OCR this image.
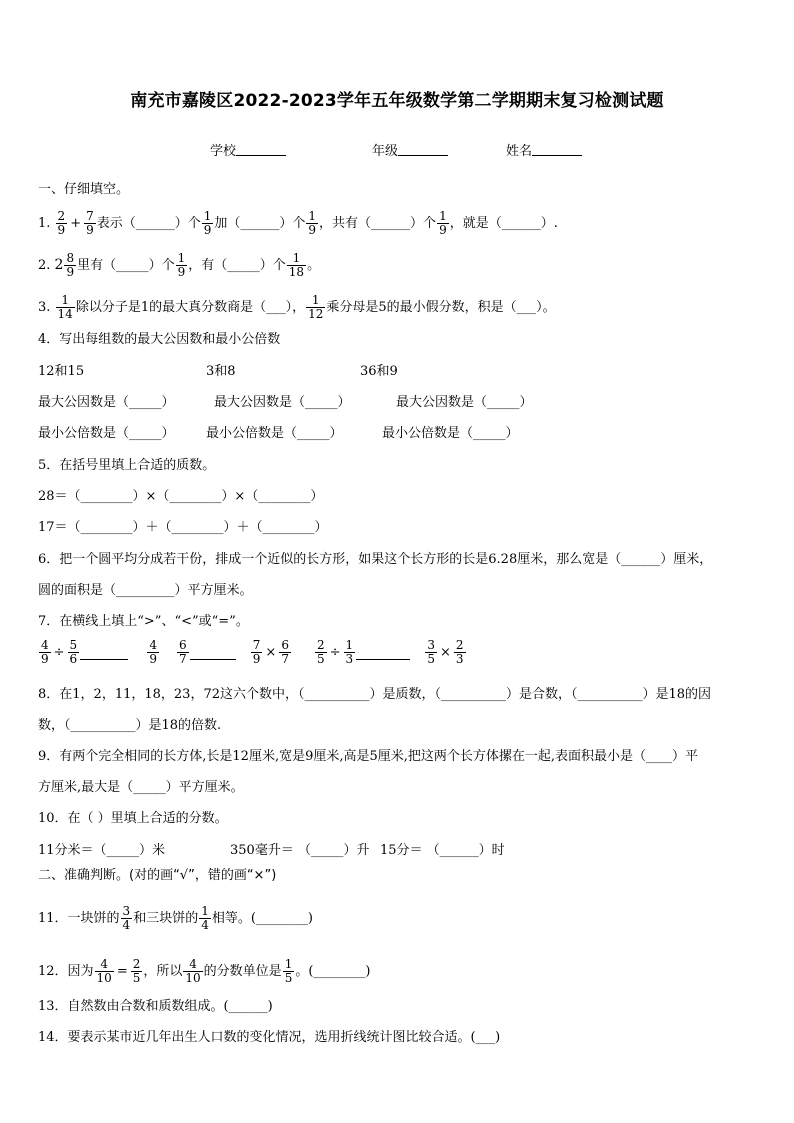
南充市嘉陵区2022-2023学年五年级数学第二学期期末复习检测试题
学校	年级	姓名
一、仔细填空。
1. $\frac{2}{9} + \frac{7}{9}$ 表示（______）个 $\frac{1}{9}$ 加（______）个 $\frac{1}{9}$ ，共有（______）个 $\frac{1}{9}$ ，就是（______）.
2. $2 \frac{8}{9}$ 里有（_____）个 $\frac{1}{9}$ ，有（_____）个 $\frac{1}{18}$ 。
3. $\frac{1}{14}$ 除以分子是1的最大真分数商是（___）， $\frac{1}{12}$ 乘分母是5的最小假分数，积是（___）。
4．写出每组数的最大公因数和最小公倍数
12和15	3和8	36和9
最大公因数是（_____）	最大公因数是（_____）	最大公因数是（_____）
最小公倍数是（_____） 最小公倍数是（_____）	最小公倍数是（_____）
5．在括号里填上合适的质数。
28＝（________）×（________）×（________）
17＝（________）＋（________）＋（________）
6．把一个圆平均分成若干份，排成一个近似的长方形，如果这个长方形的长是6.28厘米，那么宽是（______）厘米，
圆的面积是（_________）平方厘米。
7．在横线上填上“>”、“<”或“=”。
$\frac{4}{9} \div \frac{5}{6}$
	$\frac{4}{9} \frac{6}{7}$
	$\frac{7}{9} \times \frac{6}{7} \frac{2}{5} \div \frac{1}{3}$
	$\frac{3}{5} \times \frac{2}{3}$
8．在1，2，11，18，23，72这六个数中，（__________）是质数，（__________）是合数，（__________）是18的因
数，（__________）是18的倍数.
9．有两个完全相同的长方体,长是12厘米,宽是9厘米,高是5厘米,把这两个长方体摞在一起,表面积最小是（____）平
方厘米,最大是（_____）平方厘米。
10．在（ ）里填上合适的分数。
11分米＝（_____）米	350毫升＝ （_____）升 15分＝ （______）时
二、准确判断。(对的画“√”，错的画“×”)
11．一块饼的 $\frac{3}{4}$ 和三块饼的 $\frac{1}{4}$ 相等。(________)
12．因为 $\frac{4}{10} = \frac{2}{5}$ ，所以 $\frac{4}{10}$ 的分数单位是 $\frac{1}{5}$ 。(________)
13．自然数由合数和质数组成。(______)
14．要表示某市近几年出生人口数的变化情况，选用折线统计图比较合适。(___)
